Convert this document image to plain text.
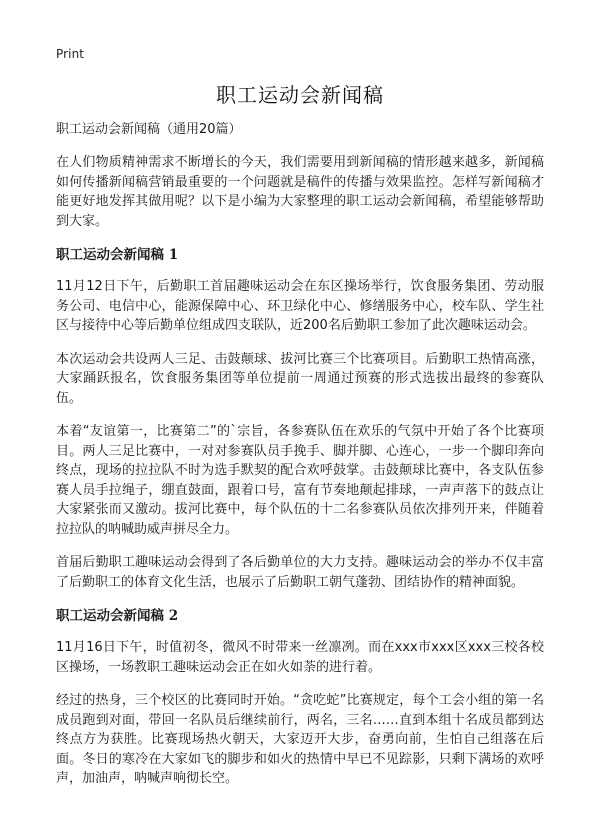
Print
职工运动会新闻稿

职工运动会新闻稿（通用20篇）

在人们物质精神需求不断增长的今天，我们需要用到新闻稿的情形越来越多，新闻稿如何传播新闻稿营销最重要的一个问题就是稿件的传播与效果监控。怎样写新闻稿才能更好地发挥其做用呢？以下是小编为大家整理的职工运动会新闻稿，希望能够帮助到大家。

职工运动会新闻稿 1

11月12日下午，后勤职工首届趣味运动会在东区操场举行，饮食服务集团、劳动服务公司、电信中心，能源保障中心、环卫绿化中心、修缮服务中心，校车队、学生社区与接待中心等后勤单位组成四支联队，近200名后勤职工参加了此次趣味运动会。

本次运动会共设两人三足、击鼓颠球、拔河比赛三个比赛项目。后勤职工热情高涨，大家踊跃报名，饮食服务集团等单位提前一周通过预赛的形式选拔出最终的参赛队伍。

本着“友谊第一，比赛第二”的`宗旨，各参赛队伍在欢乐的气氛中开始了各个比赛项目。两人三足比赛中，一对对参赛队员手挽手、脚并脚、心连心，一步一个脚印奔向终点，现场的拉拉队不时为选手默契的配合欢呼鼓掌。击鼓颠球比赛中，各支队伍参赛人员手拉绳子，绷直鼓面，跟着口号，富有节奏地颠起排球，一声声落下的鼓点让大家紧张而又激动。拔河比赛中，每个队伍的十二名参赛队员依次排列开来，伴随着拉拉队的呐喊助威声拼尽全力。

首届后勤职工趣味运动会得到了各后勤单位的大力支持。趣味运动会的举办不仅丰富了后勤职工的体育文化生活，也展示了后勤职工朝气蓬勃、团结协作的精神面貌。

职工运动会新闻稿 2

11月16日下午，时值初冬，微风不时带来一丝凛冽。而在xxx市xxx区xxx三校各校区操场，一场教职工趣味运动会正在如火如荼的进行着。

经过的热身，三个校区的比赛同时开始。“贪吃蛇”比赛规定，每个工会小组的第一名成员跑到对面，带回一名队员后继续前行，两名，三名……直到本组十名成员都到达终点方为获胜。比赛现场热火朝天，大家迈开大步，奋勇向前，生怕自己组落在后面。冬日的寒冷在大家如飞的脚步和如火的热情中早已不见踪影，只剩下满场的欢呼声，加油声，呐喊声响彻长空。
